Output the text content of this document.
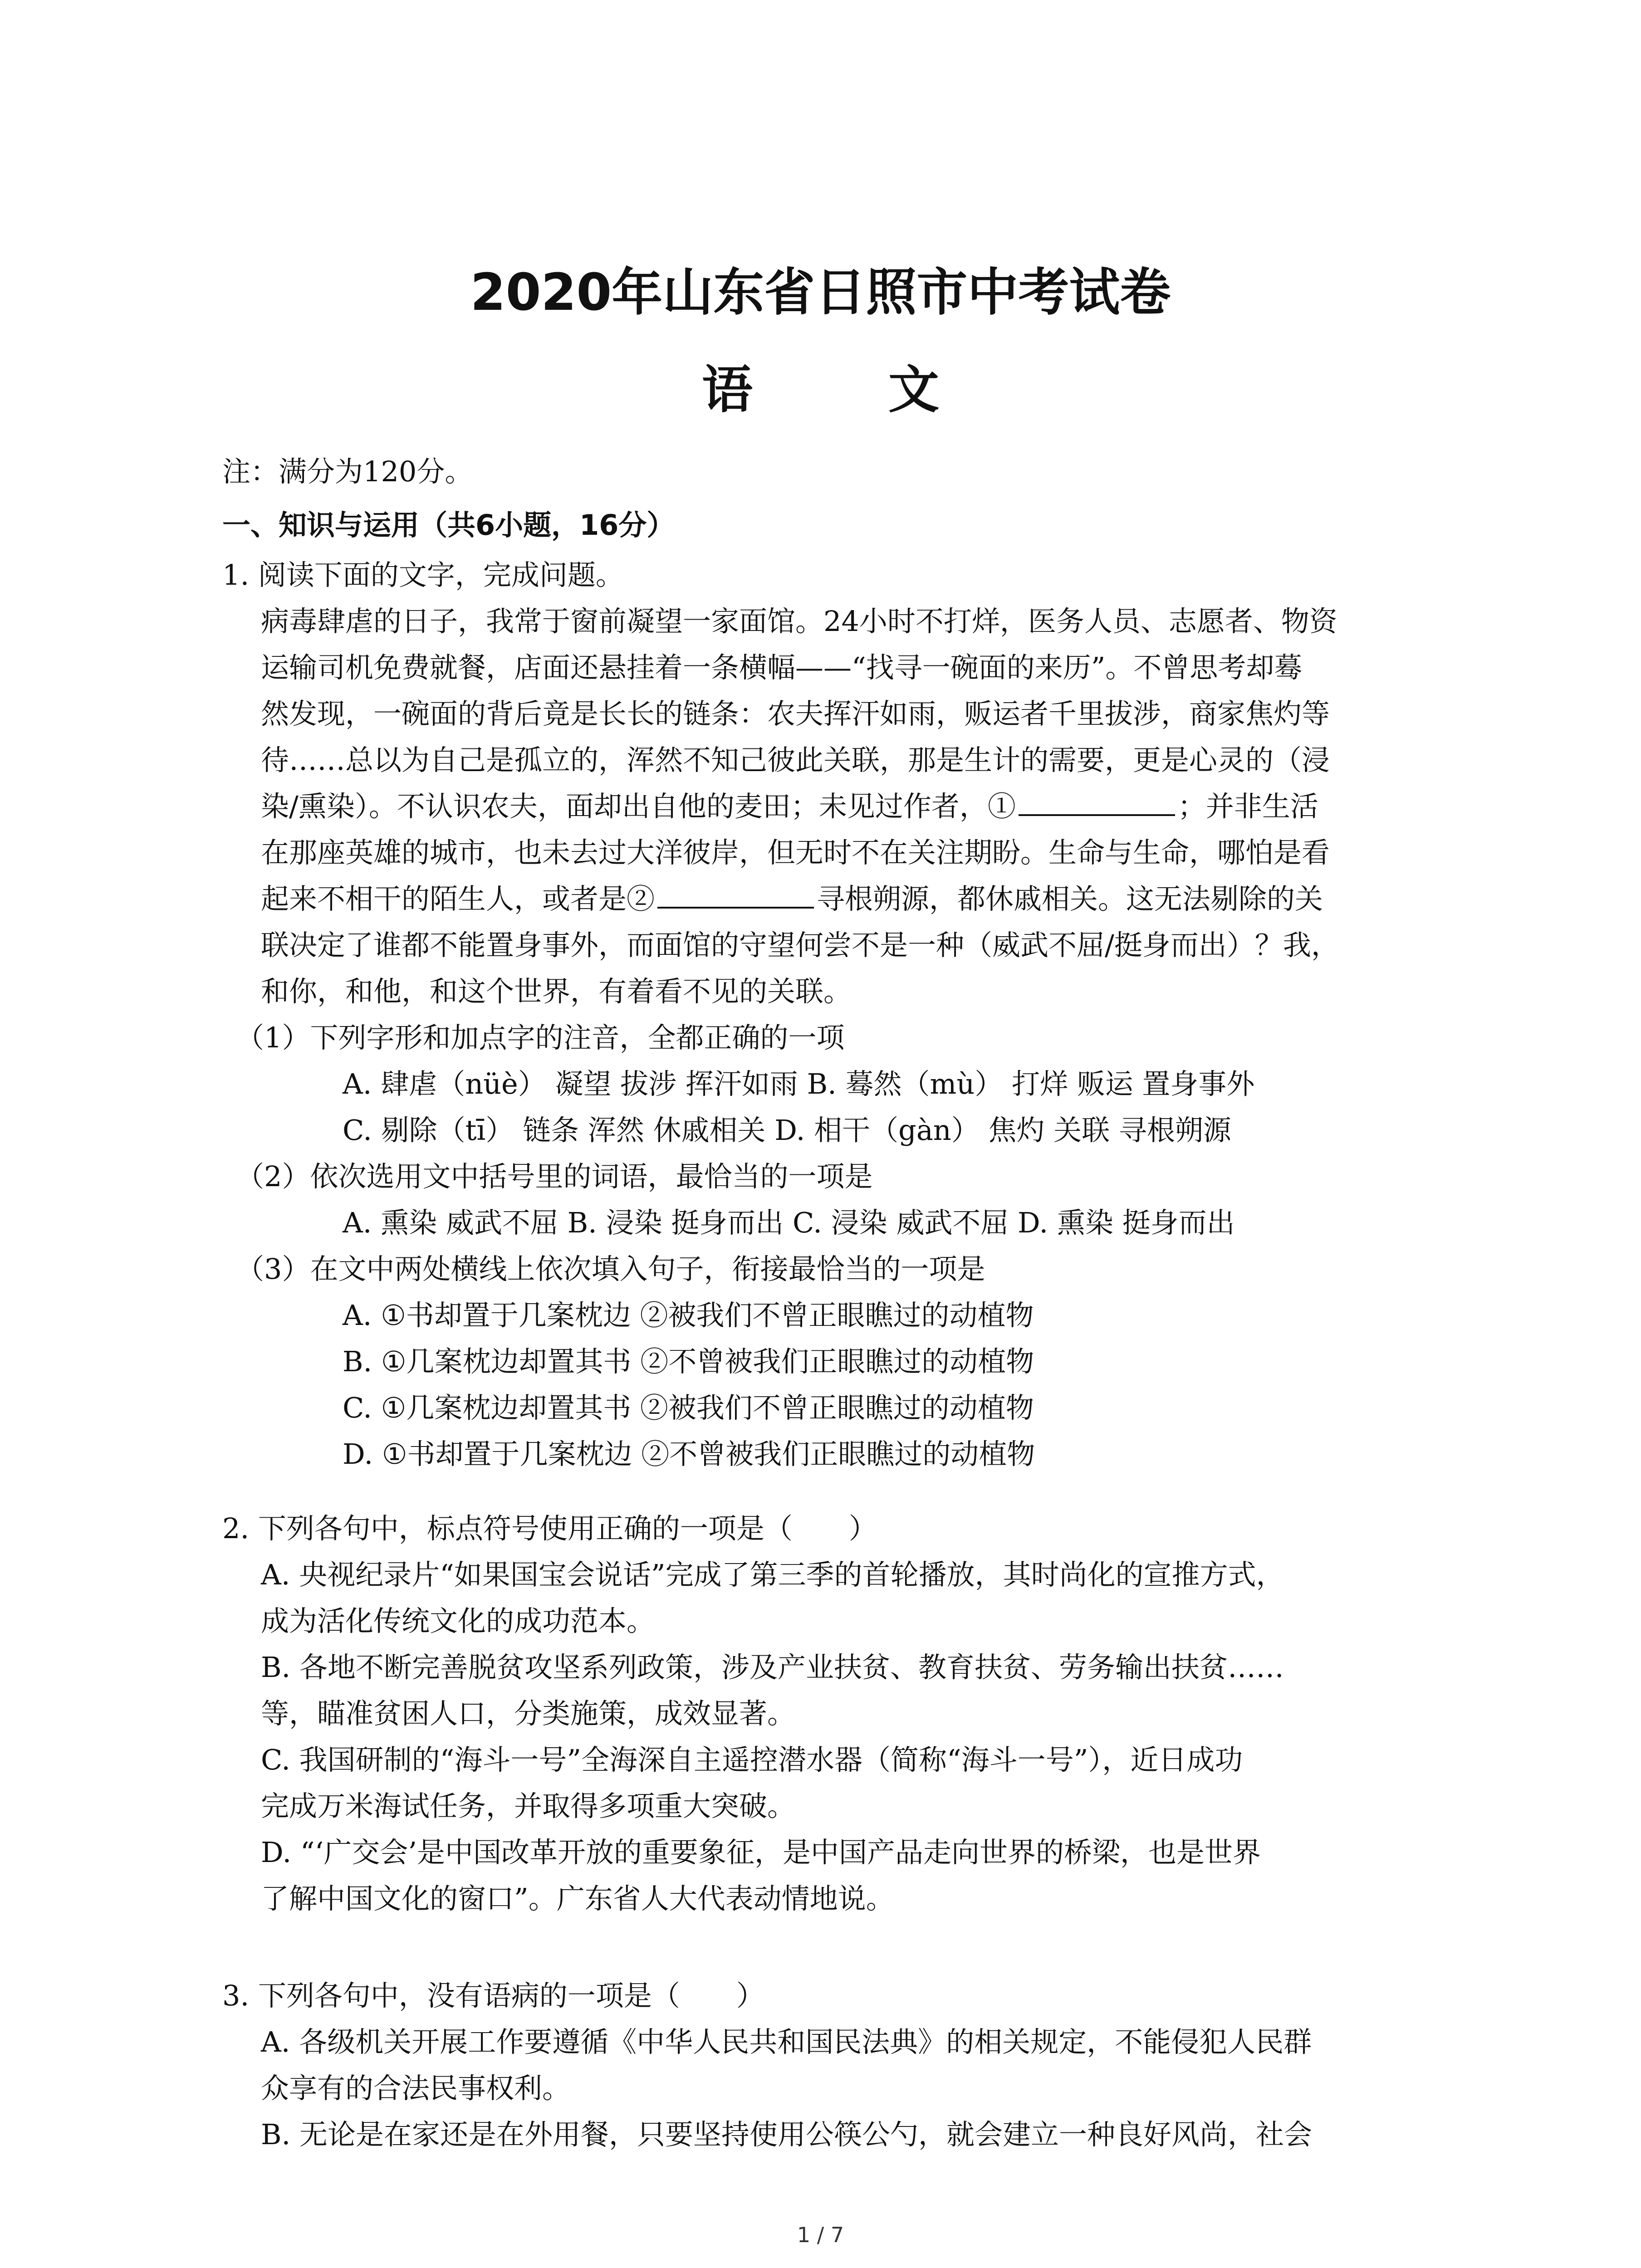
2020年山东省日照市中考试卷
语 文
注：满分为120分。
一、知识与运用（共6小题，16分）
1. 阅读下面的文字，完成问题。
病毒肆虐的日子，我常于窗前凝望一家面馆。24小时不打烊，医务人员、志愿者、物资
运输司机免费就餐，店面还悬挂着一条横幅——“找寻一碗面的来历”。不曾思考却蓦
然发现，一碗面的背后竟是长长的链条：农夫挥汗如雨，贩运者千里拔涉，商家焦灼等
待……总以为自己是孤立的，浑然不知己彼此关联，那是生计的需要，更是心灵的（浸
染/熏染）。不认识农夫，面却出自他的麦田；未见过作者，①	；并非生活
在那座英雄的城市，也未去过大洋彼岸，但无时不在关注期盼。生命与生命，哪怕是看
起来不相干的陌生人，或者是②	寻根朔源，都休戚相关。这无法剔除的关
联决定了谁都不能置身事外，而面馆的守望何尝不是一种（威武不屈/挺身而出）？我，
和你，和他，和这个世界，有着看不见的关联。
（1）下列字形和加点字的注音，全都正确的一项
A. 肆虐（nüè） 凝望 拔涉 挥汗如雨 B. 蓦然（mù） 打烊 贩运 置身事外
C. 剔除（tī） 链条 浑然 休戚相关 D. 相干（gàn） 焦灼 关联 寻根朔源
（2）依次选用文中括号里的词语，最恰当的一项是
A. 熏染 威武不屈 B. 浸染 挺身而出 C. 浸染 威武不屈 D. 熏染 挺身而出
（3）在文中两处横线上依次填入句子，衔接最恰当的一项是
A. ①书却置于几案枕边 ②被我们不曾正眼瞧过的动植物
B. ①几案枕边却置其书 ②不曾被我们正眼瞧过的动植物
C. ①几案枕边却置其书 ②被我们不曾正眼瞧过的动植物
D. ①书却置于几案枕边 ②不曾被我们正眼瞧过的动植物
2. 下列各句中，标点符号使用正确的一项是（　　）
A. 央视纪录片“如果国宝会说话”完成了第三季的首轮播放，其时尚化的宣推方式，
成为活化传统文化的成功范本。
B. 各地不断完善脱贫攻坚系列政策，涉及产业扶贫、教育扶贫、劳务输出扶贫……
等，瞄准贫困人口，分类施策，成效显著。
C. 我国研制的“海斗一号”全海深自主遥控潜水器（简称“海斗一号”），近日成功
完成万米海试任务，并取得多项重大突破。
D. “‘广交会’是中国改革开放的重要象征，是中国产品走向世界的桥梁，也是世界
了解中国文化的窗口”。广东省人大代表动情地说。
3. 下列各句中，没有语病的一项是（　　）
A. 各级机关开展工作要遵循《中华人民共和国民法典》的相关规定，不能侵犯人民群
众享有的合法民事权利。
B. 无论是在家还是在外用餐，只要坚持使用公筷公勺，就会建立一种良好风尚，社会
1 / 7
